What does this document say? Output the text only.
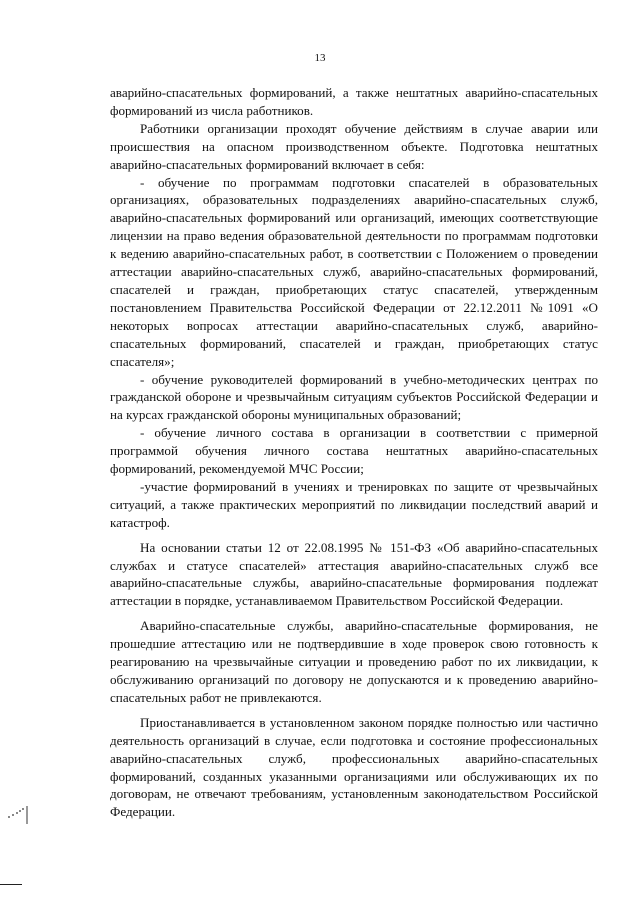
13

аварийно-спасательных формирований, а также нештатных аварийно-спасательных формирований из числа работников.

Работники организации проходят обучение действиям в случае аварии или происшествия на опасном производственном объекте. Подготовка нештатных аварийно-спасательных формирований включает в себя:

- обучение по программам подготовки спасателей в образовательных организациях, образовательных подразделениях аварийно-спасательных служб, аварийно-спасательных формирований или организаций, имеющих соответствующие лицензии на право ведения образовательной деятельности по программам подготовки к ведению аварийно-спасательных работ, в соответствии с Положением о проведении аттестации аварийно-спасательных служб, аварийно-спасательных формирований, спасателей и граждан, приобретающих статус спасателей, утвержденным постановлением Правительства Российской Федерации от 22.12.2011 №1091 «О некоторых вопросах аттестации аварийно-спасательных служб, аварийно-спасательных формирований, спасателей и граждан, приобретающих статус спасателя»;

- обучение руководителей формирований в учебно-методических центрах по гражданской обороне и чрезвычайным ситуациям субъектов Российской Федерации и на курсах гражданской обороны муниципальных образований;

- обучение личного состава в организации в соответствии с примерной программой обучения личного состава нештатных аварийно-спасательных формирований, рекомендуемой МЧС России;

-участие формирований в учениях и тренировках по защите от чрезвычайных ситуаций, а также практических мероприятий по ликвидации последствий аварий и катастроф.

На основании статьи 12 от 22.08.1995 № 151-ФЗ «Об аварийно-спасательных службах и статусе спасателей» аттестация аварийно-спасательных служб все аварийно-спасательные службы, аварийно-спасательные формирования подлежат аттестации в порядке, устанавливаемом Правительством Российской Федерации.

Аварийно-спасательные службы, аварийно-спасательные формирования, не прошедшие аттестацию или не подтвердившие в ходе проверок свою готовность к реагированию на чрезвычайные ситуации и проведению работ по их ликвидации, к обслуживанию организаций по договору не допускаются и к проведению аварийно-спасательных работ не привлекаются.

Приостанавливается в установленном законом порядке полностью или частично деятельность организаций в случае, если подготовка и состояние профессиональных аварийно-спасательных служб, профессиональных аварийно-спасательных формирований, созданных указанными организациями или обслуживающих их по договорам, не отвечают требованиям, установленным законодательством Российской Федерации.
